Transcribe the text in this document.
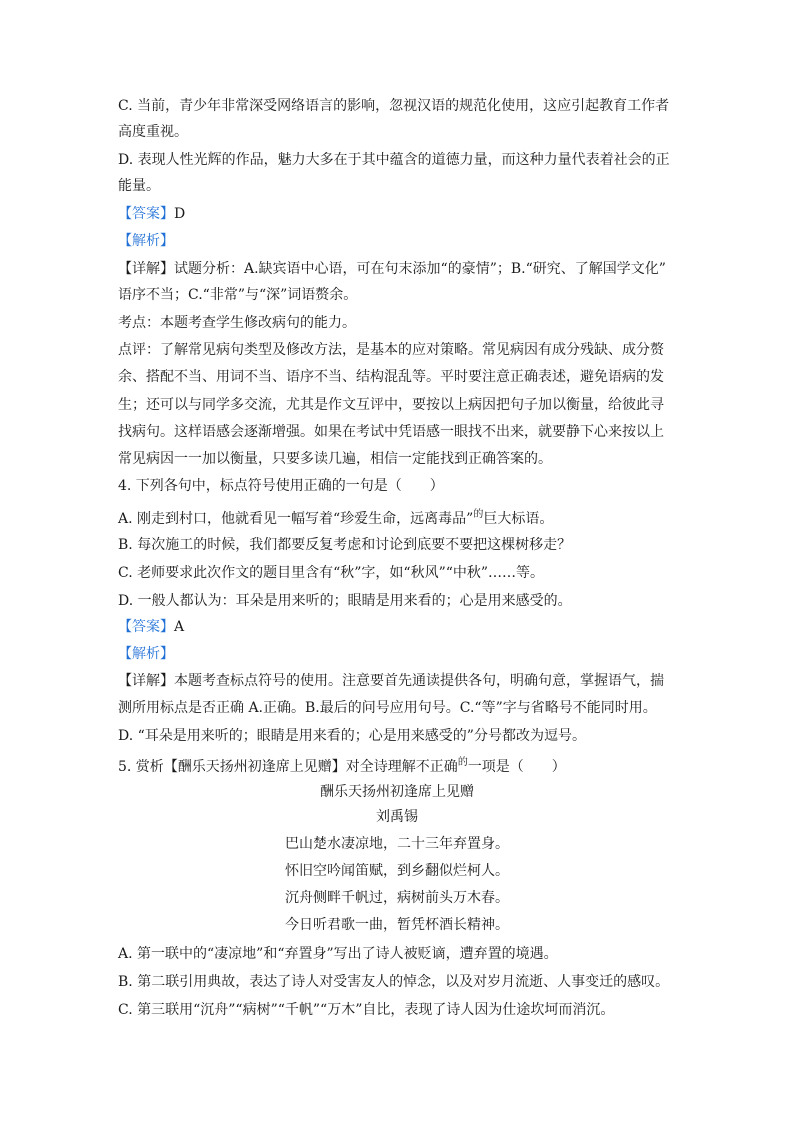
C. 当前，青少年非常深受网络语言的影响，忽视汉语的规范化使用，这应引起教育工作者
高度重视。
D. 表现人性光辉的作品，魅力大多在于其中蕴含的道德力量，而这种力量代表着社会的正
能量。
【答案】D
【解析】
【详解】试题分析：A.缺宾语中心语，可在句末添加“的豪情”；B.“研究、了解国学文化”
语序不当；C.“非常”与“深”词语赘余。
考点：本题考查学生修改病句的能力。
点评：了解常见病句类型及修改方法，是基本的应对策略。常见病因有成分残缺、成分赘
余、搭配不当、用词不当、语序不当、结构混乱等。平时要注意正确表述，避免语病的发
生；还可以与同学多交流，尤其是作文互评中，要按以上病因把句子加以衡量，给彼此寻
找病句。这样语感会逐渐增强。如果在考试中凭语感一眼找不出来，就要静下心来按以上
常见病因一一加以衡量，只要多读几遍，相信一定能找到正确答案的。
4. 下列各句中，标点符号使用正确的一句是（　　）
A. 刚走到村口，他就看见一幅写着“珍爱生命，远离毒品”$^的$巨大标语。
B. 每次施工的时候，我们都要反复考虑和讨论到底要不要把这棵树移走？
C. 老师要求此次作文的题目里含有“秋”字，如“秋风”“中秋”……等。
D. 一般人都认为：耳朵是用来听的；眼睛是用来看的；心是用来感受的。
【答案】A
【解析】
【详解】本题考查标点符号的使用。注意要首先通读提供各句，明确句意，掌握语气，揣
测所用标点是否正确 A.正确。B.最后的问号应用句号。C.“等”字与省略号不能同时用。
D. “耳朵是用来听的；眼睛是用来看的；心是用来感受的”分号都改为逗号。
5. 赏析【酬乐天扬州初逢席上见赠】对全诗理解不正确$^的$一项是（　　）
酬乐天扬州初逢席上见赠
刘禹锡
巴山楚水凄凉地，二十三年弃置身。
怀旧空吟闻笛赋，到乡翻似烂柯人。
沉舟侧畔千帆过，病树前头万木春。
今日听君歌一曲，暂凭杯酒长精神。
A. 第一联中的“凄凉地”和“弃置身”写出了诗人被贬谪，遭弃置的境遇。
B. 第二联引用典故，表达了诗人对受害友人的悼念，以及对岁月流逝、人事变迁的感叹。
C. 第三联用“沉舟”“病树”“千帆”“万木”自比，表现了诗人因为仕途坎坷而消沉。
